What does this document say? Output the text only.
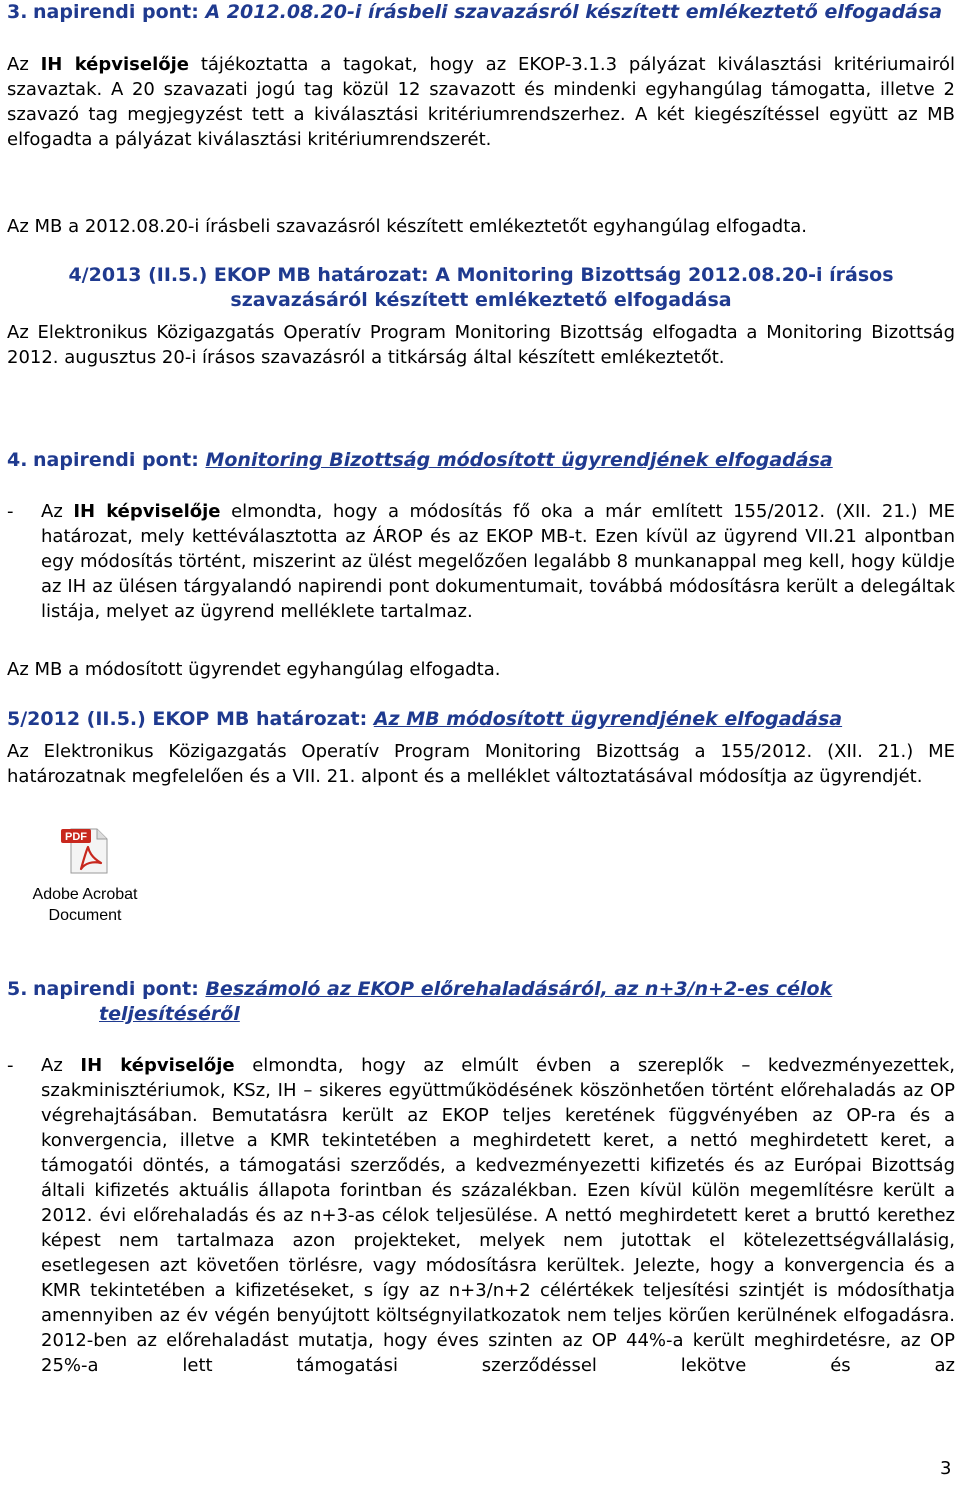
3. napirendi pont: A 2012.08.20-i írásbeli szavazásról készített emlékeztető elfogadása

Az IH képviselője tájékoztatta a tagokat, hogy az EKOP-3.1.3 pályázat kiválasztási kritériumairól szavaztak. A 20 szavazati jogú tag közül 12 szavazott és mindenki egyhangúlag támogatta, illetve 2 szavazó tag megjegyzést tett a kiválasztási kritériumrendszerhez. A két kiegészítéssel együtt az MB elfogadta a pályázat kiválasztási kritériumrendszerét.

Az MB a 2012.08.20-i írásbeli szavazásról készített emlékeztetőt egyhangúlag elfogadta.

4/2013 (II.5.) EKOP MB határozat: A Monitoring Bizottság 2012.08.20-i írásos
szavazásáról készített emlékeztető elfogadása

Az Elektronikus Közigazgatás Operatív Program Monitoring Bizottság elfogadta a Monitoring Bizottság 2012. augusztus 20-i írásos szavazásról a titkárság által készített emlékeztetőt.

4. napirendi pont: Monitoring Bizottság módosított ügyrendjének elfogadása
-	Az IH képviselője elmondta, hogy a módosítás fő oka a már említett 155/2012. (XII. 21.) ME határozat, mely kettéválasztotta az ÁROP és az EKOP MB-t. Ezen kívül az ügyrend VII.21 alpontban egy módosítás történt, miszerint az ülést megelőzően legalább 8 munkanappal meg kell, hogy küldje az IH az ülésen tárgyalandó napirendi pont dokumentumait, továbbá módosításra került a delegáltak listája, melyet az ügyrend melléklete tartalmaz.

Az MB a módosított ügyrendet egyhangúlag elfogadta.

5/2012 (II.5.) EKOP MB határozat: Az MB módosított ügyrendjének elfogadása

Az Elektronikus Közigazgatás Operatív Program Monitoring Bizottság a 155/2012. (XII. 21.) ME határozatnak megfelelően és a VII. 21. alpont és a melléklet változtatásával módosítja az ügyrendjét.

PDF
Adobe Acrobat
Document
5. napirendi pont: Beszámoló az EKOP előrehaladásáról, az n+3/n+2-es célok
teljesítéséről
-	Az IH képviselője elmondta, hogy az elmúlt évben a szereplők – kedvezményezettek, szakminisztériumok, KSz, IH – sikeres együttműködésének köszönhetően történt előrehaladás az OP végrehajtásában. Bemutatásra került az EKOP teljes keretének függvényében az OP-ra és a konvergencia, illetve a KMR tekintetében a meghirdetett keret, a nettó meghirdetett keret, a támogatói döntés, a támogatási szerződés, a kedvezményezetti kifizetés és az Európai Bizottság általi kifizetés aktuális állapota forintban és százalékban. Ezen kívül külön megemlítésre került a 2012. évi előrehaladás és az n+3-as célok teljesülése. A nettó meghirdetett keret a bruttó kerethez képest nem tartalmaza azon projekteket, melyek nem jutottak el kötelezettségvállalásig, esetlegesen azt követően törlésre, vagy módosításra kerültek. Jelezte, hogy a konvergencia és a KMR tekintetében a kifizetéseket, s így az n+3/n+2 célértékek teljesítési szintjét is módosíthatja amennyiben az év végén benyújtott költségnyilatkozatok nem teljes körűen kerülnének elfogadásra. 2012-ben az előrehaladást mutatja, hogy éves szinten az OP 44%-a került meghirdetésre, az OP 25%-a lett támogatási szerződéssel lekötve és az
3
